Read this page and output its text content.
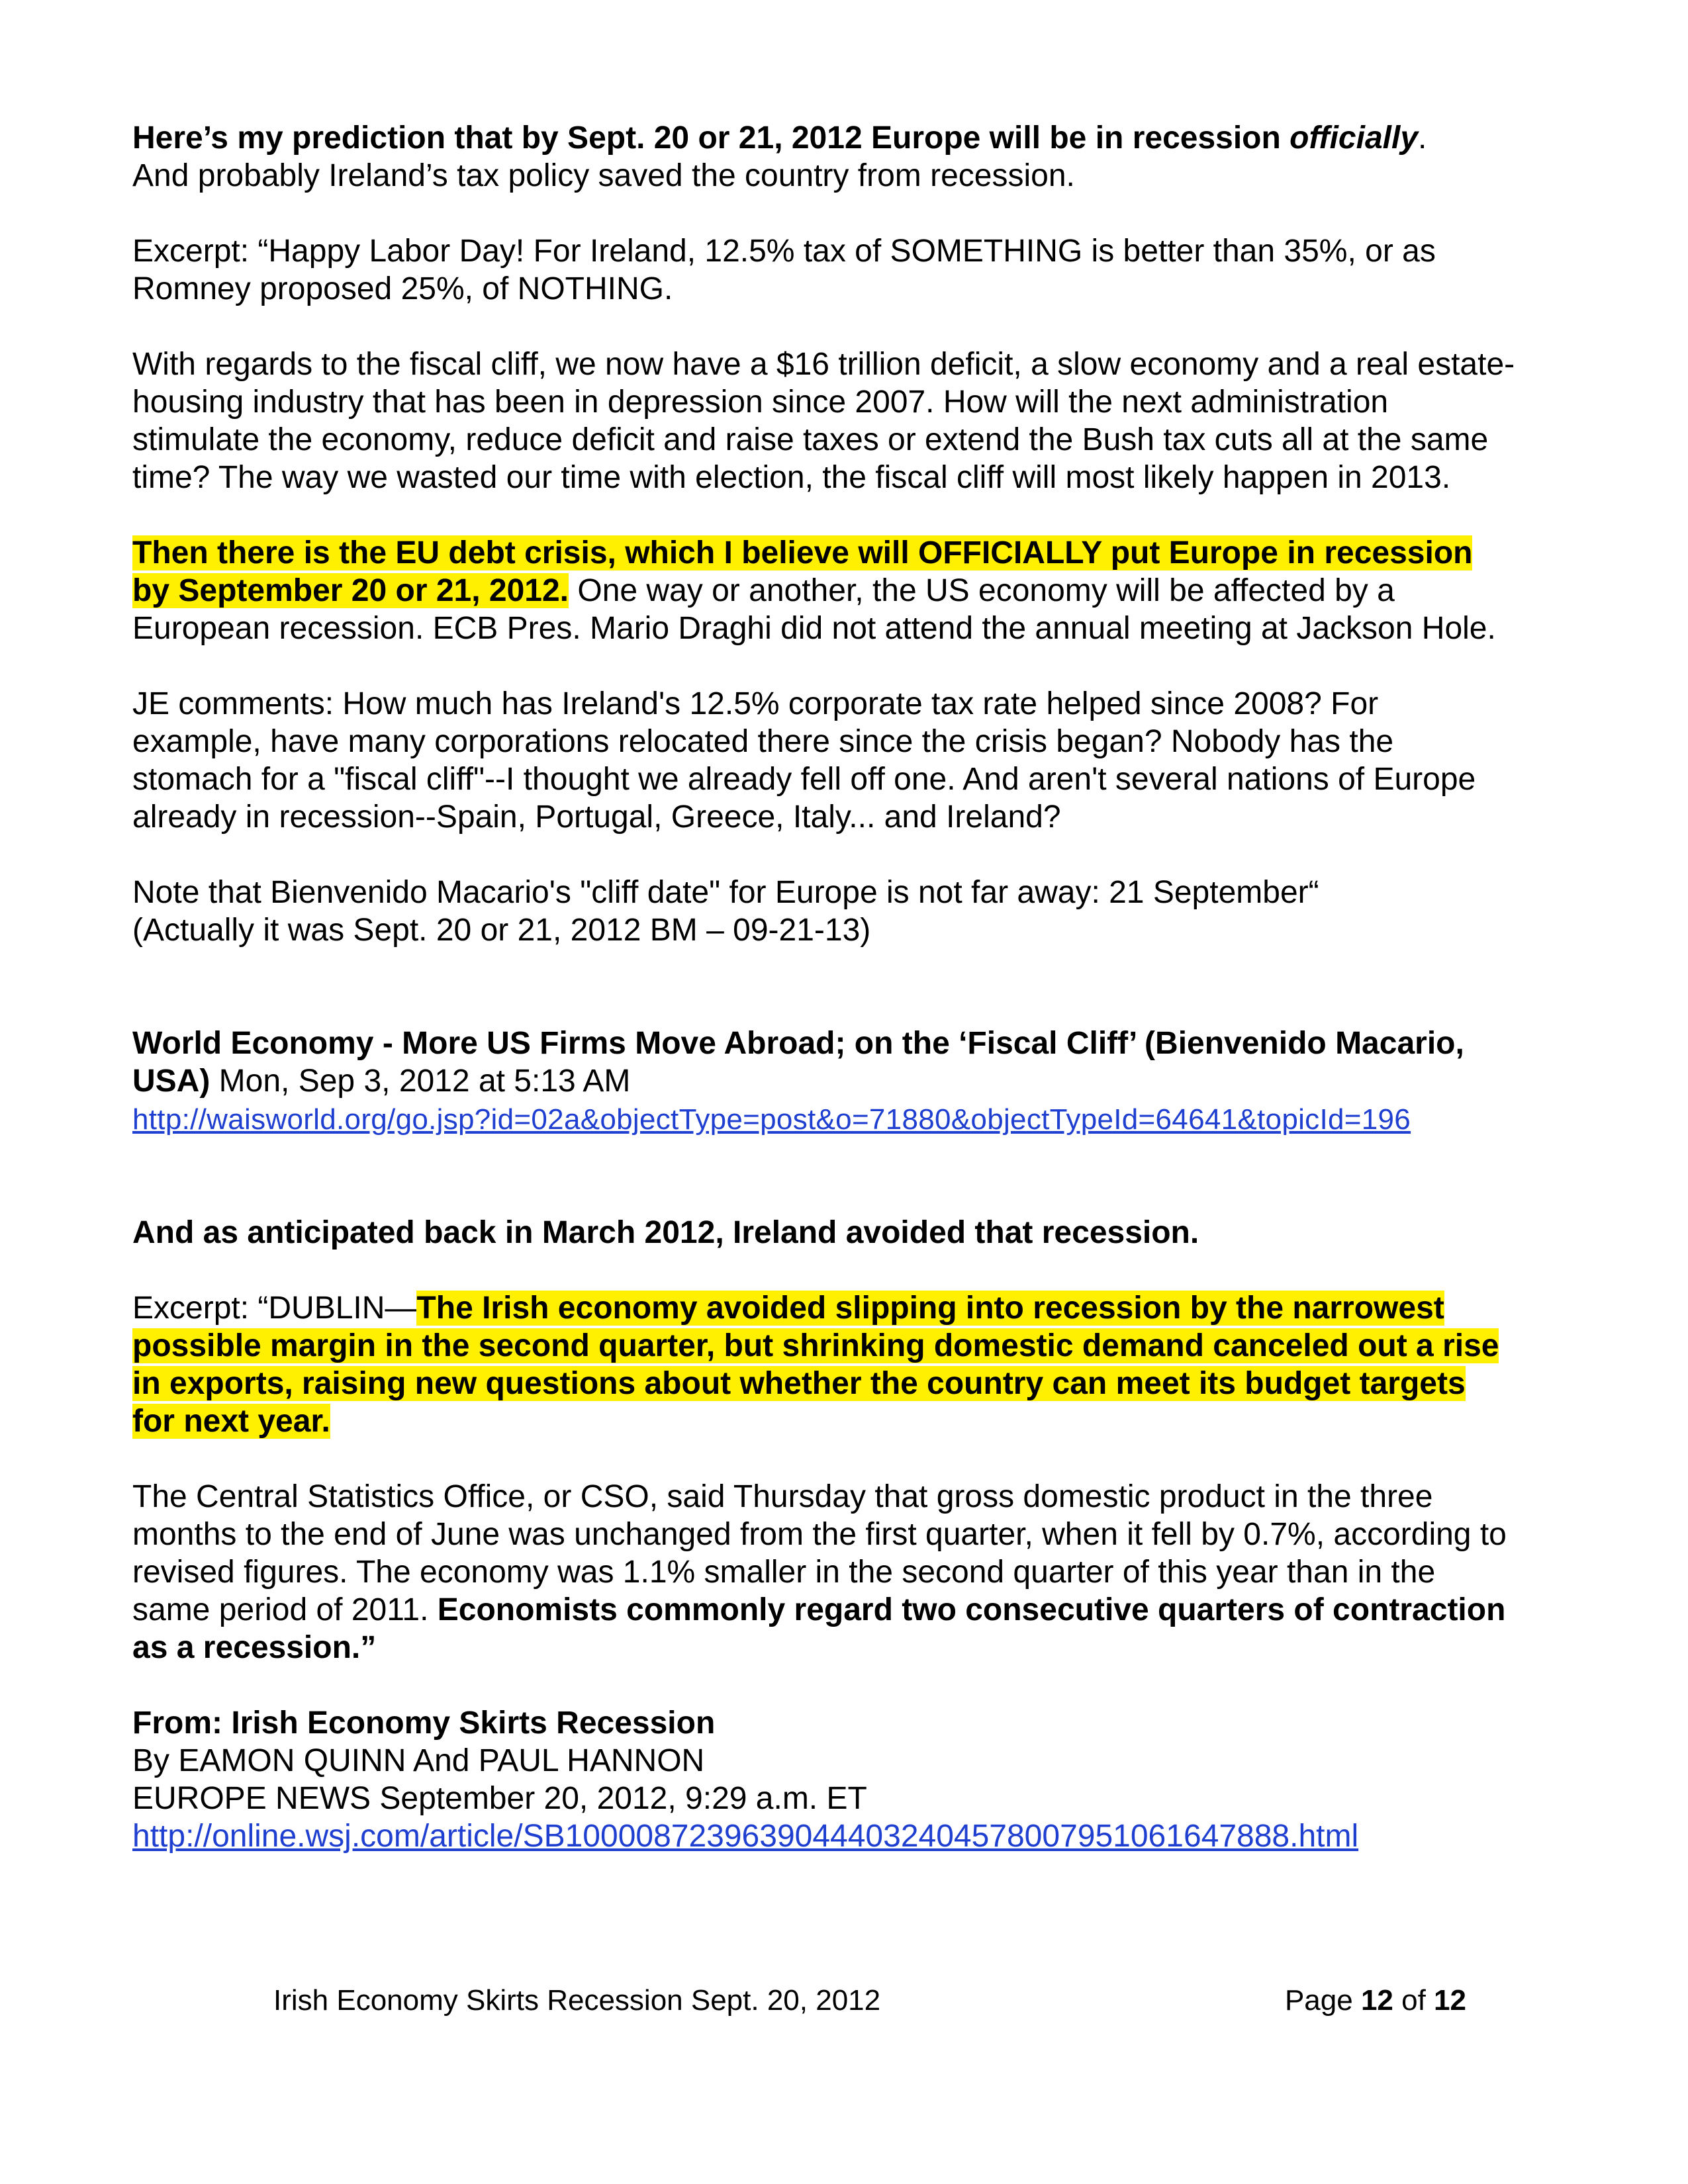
Here’s my prediction that by Sept. 20 or 21, 2012 Europe will be in recession officially.
And probably Ireland’s tax policy saved the country from recession.

Excerpt: “Happy Labor Day! For Ireland, 12.5% tax of SOMETHING is better than 35%, or as Romney proposed 25%, of NOTHING.

With regards to the fiscal cliff, we now have a $16 trillion deficit, a slow economy and a real estate-housing industry that has been in depression since 2007. How will the next administration stimulate the economy, reduce deficit and raise taxes or extend the Bush tax cuts all at the same time? The way we wasted our time with election, the fiscal cliff will most likely happen in 2013.

Then there is the EU debt crisis, which I believe will OFFICIALLY put Europe in recession by September 20 or 21, 2012. One way or another, the US economy will be affected by a European recession. ECB Pres. Mario Draghi did not attend the annual meeting at Jackson Hole.

JE comments: How much has Ireland's 12.5% corporate tax rate helped since 2008? For example, have many corporations relocated there since the crisis began? Nobody has the stomach for a "fiscal cliff"--I thought we already fell off one. And aren't several nations of Europe already in recession--Spain, Portugal, Greece, Italy... and Ireland?

Note that Bienvenido Macario's "cliff date" for Europe is not far away: 21 September“
(Actually it was Sept. 20 or 21, 2012 BM – 09-21-13)

World Economy - More US Firms Move Abroad; on the ‘Fiscal Cliff’ (Bienvenido Macario, USA) Mon, Sep 3, 2012 at 5:13 AM
http://waisworld.org/go.jsp?id=02a&objectType=post&o=71880&objectTypeId=64641&topicId=196

And as anticipated back in March 2012, Ireland avoided that recession.

Excerpt: “DUBLIN—The Irish economy avoided slipping into recession by the narrowest possible margin in the second quarter, but shrinking domestic demand canceled out a rise in exports, raising new questions about whether the country can meet its budget targets for next year.

The Central Statistics Office, or CSO, said Thursday that gross domestic product in the three months to the end of June was unchanged from the first quarter, when it fell by 0.7%, according to revised figures. The economy was 1.1% smaller in the second quarter of this year than in the same period of 2011. Economists commonly regard two consecutive quarters of contraction as a recession.”

From: Irish Economy Skirts Recession
By EAMON QUINN And PAUL HANNON
EUROPE NEWS September 20, 2012, 9:29 a.m. ET
http://online.wsj.com/article/SB10000872396390444032404578007951061647888.html

Irish Economy Skirts Recession Sept. 20, 2012	Page 12 of 12
